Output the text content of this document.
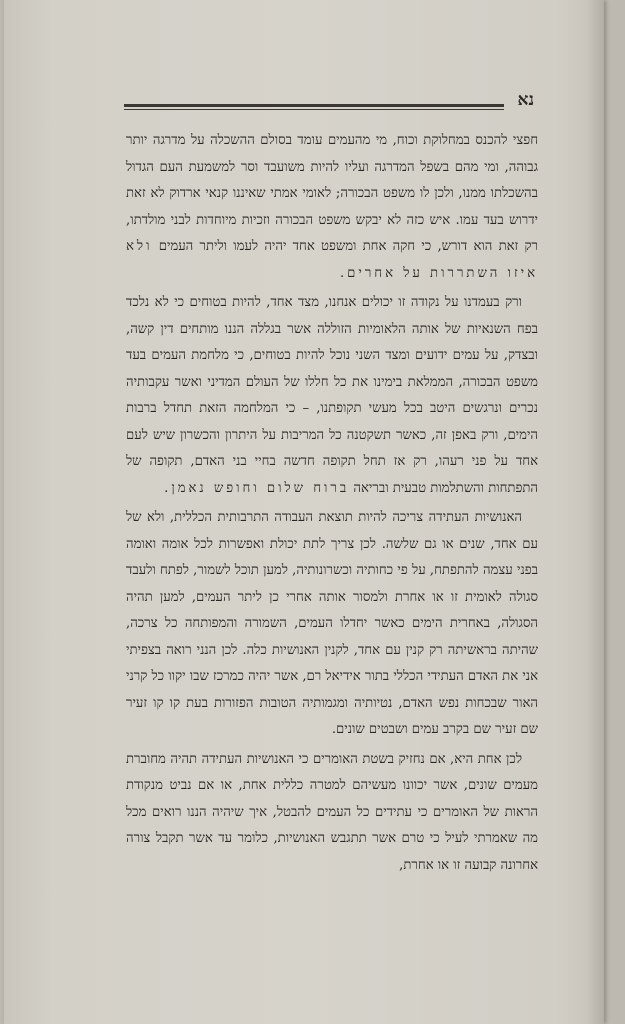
נא

חפצי להכנס במחלוקת וכוח, מי מהעמים עומד בסולם ההשכלה על מדרגה יותר גבוהה, ומי מהם בשפל המדרגה ועליו להיות משועבד וסר למשמעת העם הגדול בהשכלתו ממנו, ולכן לו משפט הבכורה; לאומי אמתי שאיננו קנאי ארדוק לא זאת ידרוש בעד עמו. איש כזה לא יבקש משפט הבכורה וזכיות מיוחדות לבני מולדתו, רק זאת הוא דורש, כי חקה אחת ומשפט אחד יהיה לעמו וליתר העמים ולא איזו השתררות על אחרים.

ורק בעמדנו על נקודה זו יכולים אנחנו, מצד אחד, להיות בטוחים כי לא נלכד בפח השנאיות של אותה הלאומיות הזוללה אשר בגללה הננו מותחים דין קשה, ובצדק, על עמים ידועים ומצד השני נוכל להיות בטוחים, כי מלחמת העמים בעד משפט הבכורה, הממלאת בימינו את כל חללו של העולם המדיני ואשר עקבותיה נכרים ונרגשים היטב בכל מעשי תקופתנו, – כי המלחמה הזאת תחדל ברבות הימים, ורק באפן זה, כאשר תשקטנה כל המריבות על היתרון והכשרון שיש לעם אחד על פני רעהו, רק אז תחל תקופה חדשה בחיי בני האדם, תקופה של התפתחות והשתלמות טבעית ובריאה ברוח שלום וחופש נאמן.

האנושיות העתידה צריכה להיות תוצאת העבודה התרבותית הכללית, ולא של עם אחד, שנים או גם שלשה. לכן צריך לתת יכולת ואפשרות לכל אומה ואומה בפני עצמה להתפתח, על פי כחותיה וכשרונותיה, למען תוכל לשמור, לפתח ולעבד סגולה לאומית זו או אחרת ולמסור אותה אחרי כן ליתר העמים, למען תהיה הסגולה, באחרית הימים כאשר יחדלו העמים, השמורה והמפותחה כל צרכה, שהיתה בראשיתה רק קנין עם אחד, לקנין האנושיות כלה. לכן הנני רואה בצפיתי אני את האדם העתידי הכללי בתור אידיאל רם, אשר יהיה כמרכז שבו יקוו כל קרני האור שבכחות נפש האדם, נטיותיה ומגמותיה הטובות הפזורות בעת קו קו זעיר שם זעיר שם בקרב עמים ושבטים שונים.

לכן אחת היא, אם נחזיק בשטת האומרים כי האנושיות העתידה תהיה מחוברת מעמים שונים, אשר יכוונו מעשיהם למטרה כללית אחת, או אם נביט מנקודת הראות של האומרים כי עתידים כל העמים להבטל, איך שיהיה הננו רואים מכל מה שאמרתי לעיל כי טרם אשר תתגבש האנושיות, כלומר עד אשר תקבל צורה אחרונה קבועה זו או אחרת,
